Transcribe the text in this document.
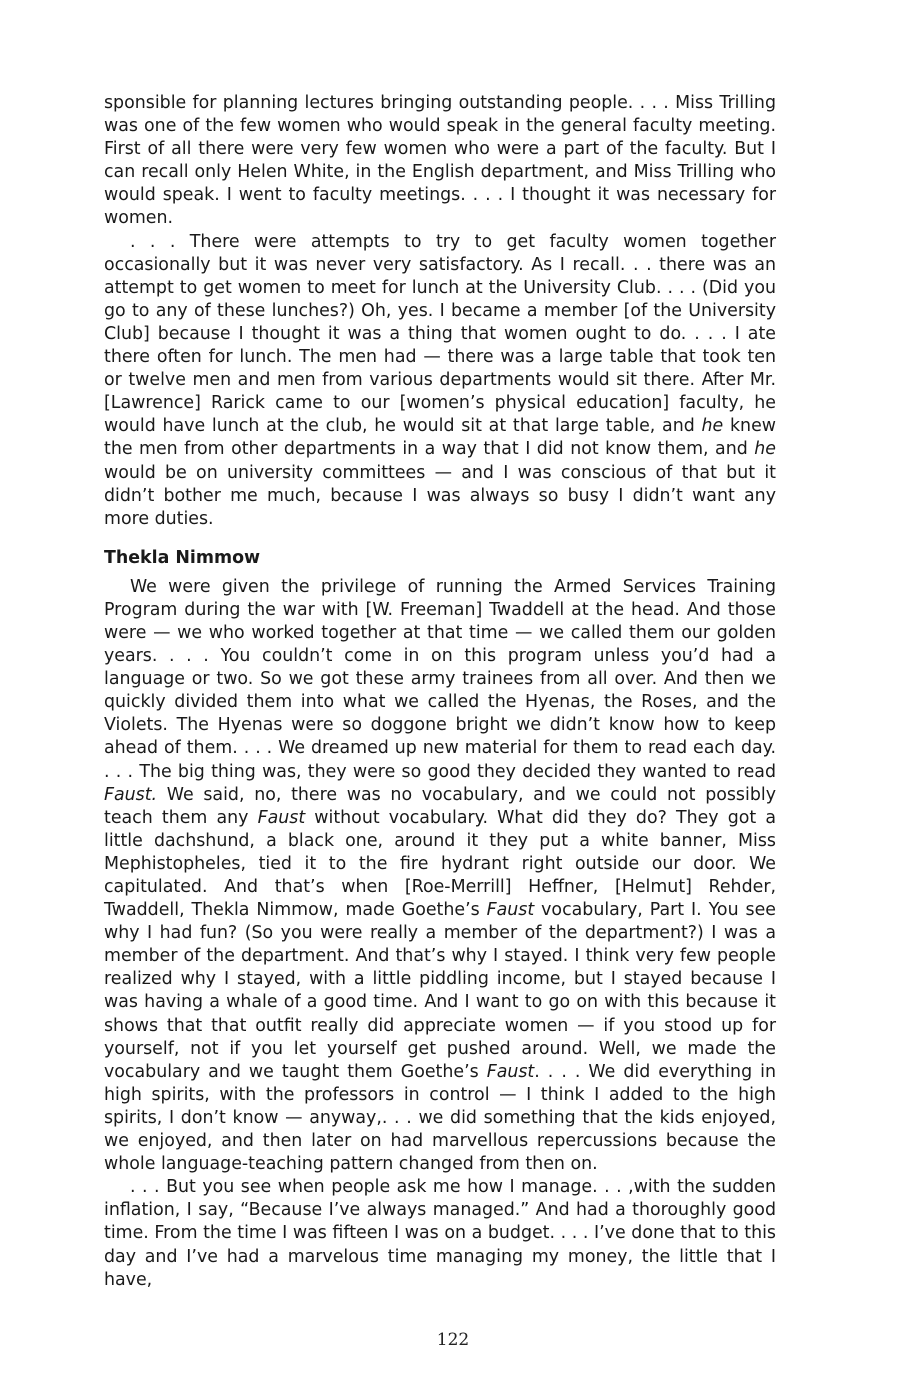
sponsible for planning lectures bringing outstanding people. . . . Miss Trilling was one of the few women who would speak in the general faculty meeting. First of all there were very few women who were a part of the faculty. But I can recall only Helen White, in the English department, and Miss Trilling who would speak. I went to faculty meetings. . . . I thought it was necessary for women.

. . . There were attempts to try to get faculty women together occasionally but it was never very satisfactory. As I recall. . . there was an attempt to get women to meet for lunch at the University Club. . . . (Did you go to any of these lunches?) Oh, yes. I became a member [of the University Club] because I thought it was a thing that women ought to do. . . . I ate there often for lunch. The men had — there was a large table that took ten or twelve men and men from various departments would sit there. After Mr. [Lawrence] Rarick came to our [women’s physical education] faculty, he would have lunch at the club, he would sit at that large table, and he knew the men from other departments in a way that I did not know them, and he would be on university committees — and I was conscious of that but it didn’t bother me much, because I was always so busy I didn’t want any more duties.

Thekla Nimmow

We were given the privilege of running the Armed Services Training Program during the war with [W. Freeman] Twaddell at the head. And those were — we who worked together at that time — we called them our golden years. . . . You couldn’t come in on this program unless you’d had a language or two. So we got these army trainees from all over. And then we quickly divided them into what we called the Hyenas, the Roses, and the Violets. The Hyenas were so doggone bright we didn’t know how to keep ahead of them. . . . We dreamed up new material for them to read each day. . . . The big thing was, they were so good they decided they wanted to read Faust. We said, no, there was no vocabulary, and we could not possibly teach them any Faust without vocabulary. What did they do? They got a little dachshund, a black one, around it they put a white banner, Miss Mephistopheles, tied it to the fire hydrant right outside our door. We capitulated. And that’s when [Roe-Merrill] Heffner, [Helmut] Rehder, Twaddell, Thekla Nimmow, made Goethe’s Faust vocabulary, Part I. You see why I had fun? (So you were really a member of the department?) I was a member of the department. And that’s why I stayed. I think very few people realized why I stayed, with a little piddling income, but I stayed because I was having a whale of a good time. And I want to go on with this because it shows that that outfit really did appreciate women — if you stood up for yourself, not if you let yourself get pushed around. Well, we made the vocabulary and we taught them Goethe’s Faust. . . . We did everything in high spirits, with the professors in control — I think I added to the high spirits, I don’t know — anyway,. . . we did something that the kids enjoyed, we enjoyed, and then later on had marvellous repercussions because the whole language-teaching pattern changed from then on.

. . . But you see when people ask me how I manage. . . ,with the sudden inflation, I say, “Because I’ve always managed.” And had a thoroughly good time. From the time I was fifteen I was on a budget. . . . I’ve done that to this day and I’ve had a marvelous time managing my money, the little that I have,

122
